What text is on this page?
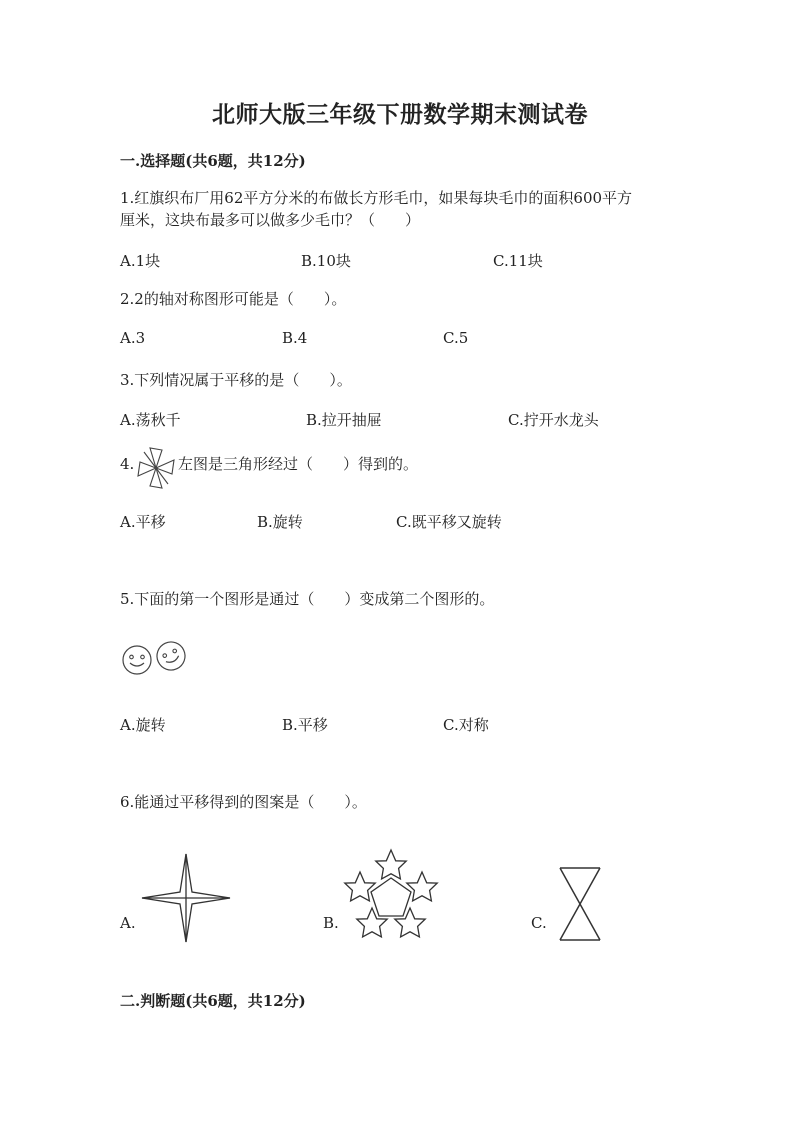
北师大版三年级下册数学期末测试卷
一.选择题(共6题，共12分)
1.红旗织布厂用62平方分米的布做长方形毛巾，如果每块毛巾的面积600平方
厘米，这块布最多可以做多少毛巾？（　　）
A.1块	B.10块	C.11块
2.2的轴对称图形可能是（　　）。
A.3	B.4	C.5
3.下列情况属于平移的是（　　）。
A.荡秋千	B.拉开抽屉	C.拧开水龙头
4.	左图是三角形经过（　　）得到的。
A.平移	B.旋转	C.既平移又旋转
5.下面的第一个图形是通过（　　）变成第二个图形的。
A.旋转	B.平移	C.对称
6.能通过平移得到的图案是（　　）。
A.	B.	C.
二.判断题(共6题，共12分)
